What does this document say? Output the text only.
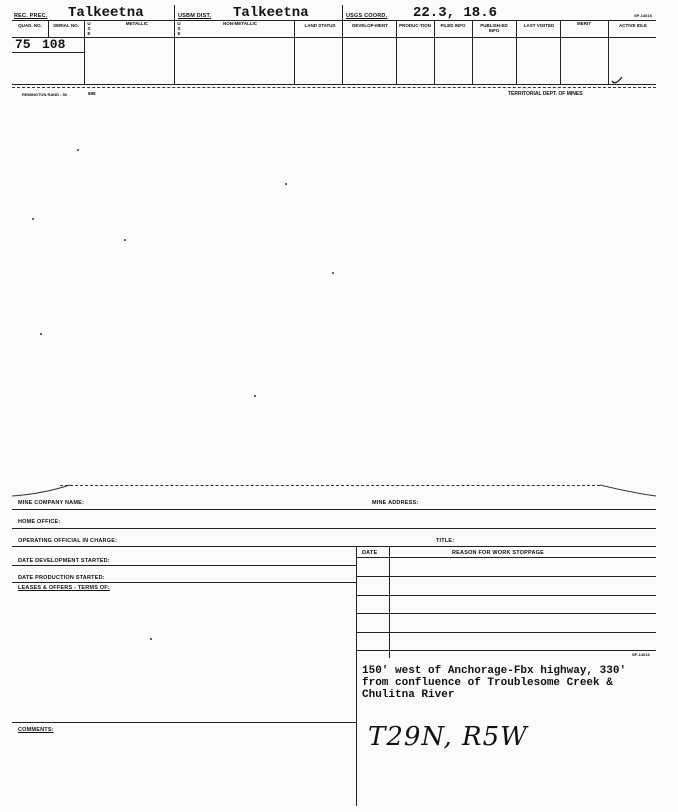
REC. PREC. Talkeetna	USBM DIST. Talkeetna	USGS COORD. 22.3, 18.6	SP-14015
QUAD. NO.	SERIAL NO.	U S E
METALLIC	U S E
NON-METALLIC	LAND STATUS	DEVELOP-MENT	PRODUC-TION	FILED INFO	PUBLISH-ED INFO
LAST VISITED	MERIT	ACTIVE IDLE
75 108
REMINGTON RAND - 50	888	TERRITORIAL DEPT. OF MINES
MINE COMPANY NAME:	MINE ADDRESS:
HOME OFFICE:
OPERATING OFFICIAL IN CHARGE:	TITLE:
DATE	REASON FOR WORK STOPPAGE
SP-14016
DATE DEVELOPMENT STARTED:
DATE PRODUCTION STARTED:
LEASES & OFFERS - TERMS OF:
150' west of Anchorage-Fbx highway, 330'
from confluence of Troublesome Creek &
Chulitna River
COMMENTS:	T29N, R5W
